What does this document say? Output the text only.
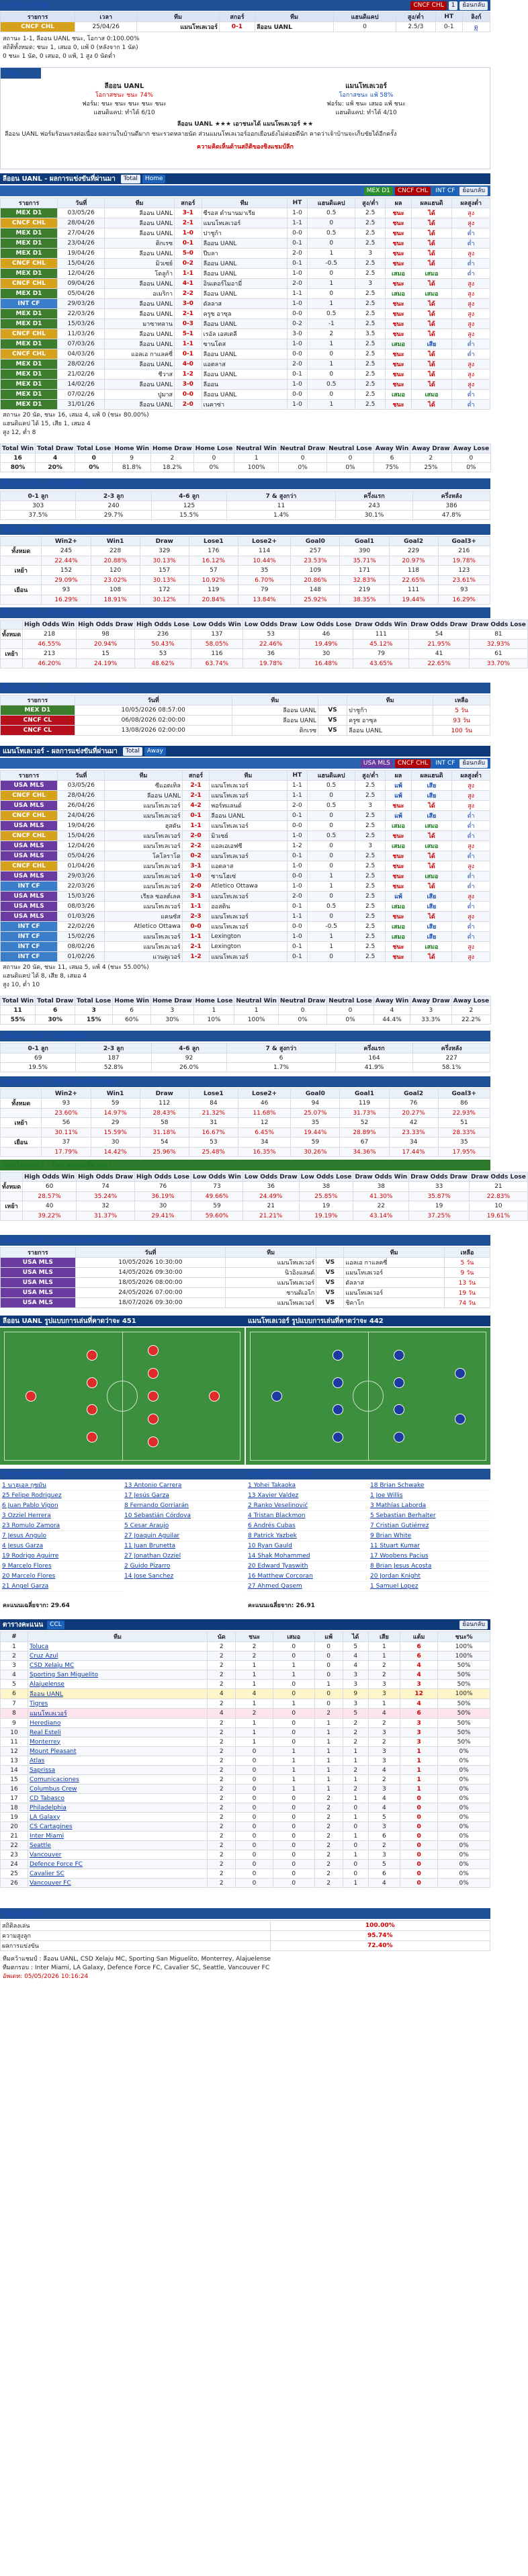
แบบจำลองสถิติ	CNCF CHL	1	ย้อนกลับ
รายการ	เวลา	ทีม	สกอร์	ทีม	แฮนดิแคป	สูง/ต่ำ	HT	ลิงก์
CNCF CHL	25/04/26	แมนโทเลเวอร์	0-1	ลีออน UANL	0	2.5/3	0-1	ดู
สถานะ 1-1, ลีออน UANL ชนะ, โอกาส 0:100.00%
สถิติทั้งหมด: ชนะ 1, เสมอ 0, แพ้ 0 (หลังจาก 1 นัด)
0 ชนะ 1 นัด, 0 เสมอ, 0 แพ้, 1 สูง 0 นัดต่ำ
Tips
ลีออน UANL
โอกาสชนะ ชนะ 74%
ฟอร์ม: ชนะ ชนะ ชนะ ชนะ ชนะ
แฮนดิแคป: ทำได้ 6/10
แมนโทเลเวอร์
โอกาสชนะ แพ้ 58%
ฟอร์ม: แพ้ ชนะ เสมอ แพ้ ชนะ
แฮนดิแคป: ทำได้ 4/10
ลีออน UANL ★★★ เอาชนะได้ แมนโทเลเวอร์ ★★
ลีออน UANL ฟอร์มร้อนแรงต่อเนื่อง ผลงานในบ้านดีมาก ชนะรวดหลายนัด ส่วนแมนโทเลเวอร์ออกเยือนยังไม่ค่อยดีนัก คาดว่าเจ้าบ้านจะเก็บชัยได้อีกครั้ง
ความคิดเห็นด้านสถิติของชิงแชมป์ลีก
ลีออน UANL - ผลการแข่งขันที่ผ่านมา	Total	Home
MEX D1	CNCF CHL	INT CF	ย้อนกลับ
รายการ	วันที่	ทีม	สกอร์	ทีม	HT	แฮนดิแคป	สูง/ต่ำ	ผล	ผลแฮนดิ	ผลสูงต่ำ
MEX D1	03/05/26	ลีออน UANL	3-1	ซีรอส ตำนานมาเรีย	1-0	0.5	2.5	ชนะ	ได้	สูง
CNCF CHL	28/04/26	ลีออน UANL	2-1	แมนโทเลเวอร์	1-1	0	2.5	ชนะ	ได้	สูง
MEX D1	27/04/26	ลีออน UANL	1-0	ปาชูก้า	0-0	0.5	2.5	ชนะ	ได้	ต่ำ
MEX D1	23/04/26	ติกเรซ	0-1	ลีออน UANL	0-1	0	2.5	ชนะ	ได้	ต่ำ
MEX D1	19/04/26	ลีออน UANL	5-0	ปีบลา	2-0	1	3	ชนะ	ได้	สูง
CNCF CHL	15/04/26	มิวเซย์	0-2	ลีออน UANL	0-1	-0.5	2.5	ชนะ	ได้	ต่ำ
MEX D1	12/04/26	โตลูก้า	1-1	ลีออน UANL	1-0	0	2.5	เสมอ	เสมอ	ต่ำ
CNCF CHL	09/04/26	ลีออน UANL	4-1	อินเตอร์ไมอามี่	2-0	1	3	ชนะ	ได้	สูง
MEX D1	05/04/26	อเมริกา	2-2	ลีออน UANL	1-1	0	2.5	เสมอ	เสมอ	สูง
INT CF	29/03/26	ลีออน UANL	3-0	ดัลลาส	1-0	1	2.5	ชนะ	ได้	สูง
MEX D1	22/03/26	ลีออน UANL	2-1	ครูซ อาซุล	0-0	0.5	2.5	ชนะ	ได้	สูง
MEX D1	15/03/26	มาซาทลาน	0-3	ลีออน UANL	0-2	-1	2.5	ชนะ	ได้	สูง
CNCF CHL	11/03/26	ลีออน UANL	5-1	เรอัล เอสเตลี	3-0	2	3.5	ชนะ	ได้	สูง
MEX D1	07/03/26	ลีออน UANL	1-1	ซานโตส	1-0	1	2.5	เสมอ	เสีย	ต่ำ
CNCF CHL	04/03/26	แอลเอ กาแลคซี่	0-1	ลีออน UANL	0-0	0	2.5	ชนะ	ได้	ต่ำ
MEX D1	28/02/26	ลีออน UANL	4-0	แอตลาส	2-0	1	2.5	ชนะ	ได้	สูง
MEX D1	21/02/26	ชีวาส	1-2	ลีออน UANL	0-1	0	2.5	ชนะ	ได้	สูง
MEX D1	14/02/26	ลีออน UANL	3-0	ลีออน	1-0	0.5	2.5	ชนะ	ได้	สูง
MEX D1	07/02/26	ปูมาส	0-0	ลีออน UANL	0-0	0	2.5	เสมอ	เสมอ	ต่ำ
MEX D1	31/01/26	ลีออน UANL	2-0	เนคาซ่า	1-0	1	2.5	ชนะ	ได้	ต่ำ
สถานะ 20 นัด, ชนะ 16, เสมอ 4, แพ้ 0 (ชนะ 80.00%)
แฮนดิแคป ได้ 15, เสีย 1, เสมอ 4
สูง 12, ต่ำ 8
Total Win	Total Draw	Total Lose	Home Win	Home Draw	Home Lose	Neutral Win	Neutral Draw	Neutral Lose	Away Win	Away Draw	Away Lose
16	4	0	9	2	0	1	0	0	6	2	0
80%	20%	0%	81.8%	18.2%	0%	100%	0%	0%	75%	25%	0%
ลีออน UANL - ประตูได้เสีย
0-1 ลูก	2-3 ลูก	4-6 ลูก	7 & สูงกว่า	ครึ่งแรก	ครึ่งหลัง
303	240	125	11	243	386
37.5%	29.7%	15.5%	1.4%	30.1%	47.8%
ลีออน UANL - สถิติได้ประตู(ทั้งหมด)
	Win2+	Win1	Draw	Lose1	Lose2+	Goal0	Goal1	Goal2	Goal3+
ทั้งหมด	245	228	329	176	114	257	390	229	216
	22.44%	20.88%	30.13%	16.12%	10.44%	23.53%	35.71%	20.97%	19.78%
เหย้า	152	120	157	57	35	109	171	118	123
	29.09%	23.02%	30.13%	10.92%	6.70%	20.86%	32.83%	22.65%	23.61%
เยือน	93	108	172	119	79	148	219	111	93
	16.29%	18.91%	30.12%	20.84%	13.84%	25.92%	38.35%	19.44%	16.29%
ลีออน UANL - อัตราต่อรองที่ผ่านมา
	High Odds Win	High Odds Draw	High Odds Lose	Low Odds Win	Low Odds Draw	Low Odds Lose	Draw Odds Win	Draw Odds Draw	Draw Odds Lose
ทั้งหมด	218	98	236	137	53	46	111	54	81
	46.55%	20.94%	50.43%	58.05%	22.46%	19.49%	45.12%	21.95%	32.93%
เหย้า	213	15	53	116	36	30	79	41	61
	46.20%	24.19%	48.62%	63.74%	19.78%	16.48%	43.65%	22.65%	33.70%
ลีออน UANL - ตารางการแข่งขันในอนาคต
รายการ	วันที่	ทีม		ทีม	เหลือ
MEX D1	10/05/2026 08:57:00	ลีออน UANL	VS	ปาชูก้า	5 วัน
CNCF CL	06/08/2026 02:00:00	ลีออน UANL	VS	ครูซ อาซุล	93 วัน
CNCF CL	13/08/2026 02:00:00	ติกเรซ	VS	ลีออน UANL	100 วัน
แมนโทเลเวอร์ - ผลการแข่งขันที่ผ่านมา	Total	Away
USA MLS	CNCF CHL	INT CF	ย้อนกลับ
รายการ	วันที่	ทีม	สกอร์	ทีม	HT	แฮนดิแคป	สูง/ต่ำ	ผล	ผลแฮนดิ	ผลสูงต่ำ
USA MLS	03/05/26	ซีแอตเทิล	2-1	แมนโทเลเวอร์	1-1	0.5	2.5	แพ้	เสีย	สูง
CNCF CHL	28/04/26	ลีออน UANL	2-1	แมนโทเลเวอร์	1-1	0	2.5	แพ้	เสีย	สูง
USA MLS	26/04/26	แมนโทเลเวอร์	4-2	พอร์ทแลนด์	2-0	0.5	3	ชนะ	ได้	สูง
CNCF CHL	24/04/26	แมนโทเลเวอร์	0-1	ลีออน UANL	0-1	0	2.5	แพ้	เสีย	ต่ำ
USA MLS	19/04/26	ฮุสตัน	1-1	แมนโทเลเวอร์	0-0	0	2.5	เสมอ	เสมอ	ต่ำ
CNCF CHL	15/04/26	แมนโทเลเวอร์	2-0	มิวเซย์	1-0	0.5	2.5	ชนะ	ได้	ต่ำ
USA MLS	12/04/26	แมนโทเลเวอร์	2-2	แอลเอเอฟซี	1-2	0	3	เสมอ	เสมอ	สูง
USA MLS	05/04/26	โคโลราโด	0-2	แมนโทเลเวอร์	0-1	0	2.5	ชนะ	ได้	ต่ำ
CNCF CHL	01/04/26	แมนโทเลเวอร์	3-1	แอตลาส	1-0	0	2.5	ชนะ	ได้	สูง
USA MLS	29/03/26	แมนโทเลเวอร์	1-0	ซานโฮเซ่	0-0	1	2.5	ชนะ	เสมอ	ต่ำ
INT CF	22/03/26	แมนโทเลเวอร์	2-0	Atletico Ottawa	1-0	1	2.5	ชนะ	ได้	ต่ำ
USA MLS	15/03/26	เรียล ซอลต์เลค	3-1	แมนโทเลเวอร์	2-0	0	2.5	แพ้	เสีย	สูง
USA MLS	08/03/26	แมนโทเลเวอร์	1-1	ออสติน	0-1	0.5	2.5	เสมอ	เสีย	ต่ำ
USA MLS	01/03/26	แคนซัส	2-3	แมนโทเลเวอร์	1-1	0	2.5	ชนะ	ได้	สูง
INT CF	22/02/26	Atletico Ottawa	0-0	แมนโทเลเวอร์	0-0	-0.5	2.5	เสมอ	เสีย	ต่ำ
INT CF	15/02/26	แมนโทเลเวอร์	1-1	Lexington	1-0	1	2.5	เสมอ	เสีย	ต่ำ
INT CF	08/02/26	แมนโทเลเวอร์	2-1	Lexington	0-1	1	2.5	ชนะ	เสมอ	สูง
INT CF	01/02/26	แวนคูเวอร์	1-2	แมนโทเลเวอร์	0-1	0	2.5	ชนะ	ได้	สูง
สถานะ 20 นัด, ชนะ 11, เสมอ 5, แพ้ 4 (ชนะ 55.00%)
แฮนดิแคป ได้ 8, เสีย 8, เสมอ 4
สูง 10, ต่ำ 10
Total Win	Total Draw	Total Lose	Home Win	Home Draw	Home Lose	Neutral Win	Neutral Draw	Neutral Lose	Away Win	Away Draw	Away Lose
11	6	3	6	3	1	1	0	0	4	3	2
55%	30%	15%	60%	30%	10%	100%	0%	0%	44.4%	33.3%	22.2%
แมนโทเลเวอร์ - ประตูได้เสีย
0-1 ลูก	2-3 ลูก	4-6 ลูก	7 & สูงกว่า	ครึ่งแรก	ครึ่งหลัง
69	187	92	6	164	227
19.5%	52.8%	26.0%	1.7%	41.9%	58.1%
แมนโทเลเวอร์ - สถิติได้ประตู(ทั้งหมด)
	Win2+	Win1	Draw	Lose1	Lose2+	Goal0	Goal1	Goal2	Goal3+
ทั้งหมด	93	59	112	84	46	94	119	76	86
	23.60%	14.97%	28.43%	21.32%	11.68%	25.07%	31.73%	20.27%	22.93%
เหย้า	56	29	58	31	12	35	52	42	51
	30.11%	15.59%	31.18%	16.67%	6.45%	19.44%	28.89%	23.33%	28.33%
เยือน	37	30	54	53	34	59	67	34	35
	17.79%	14.42%	25.96%	25.48%	16.35%	30.26%	34.36%	17.44%	17.95%
แมนโทเลเวอร์ - อัตราต่อรองที่ผ่านมา
	High Odds Win	High Odds Draw	High Odds Lose	Low Odds Win	Low Odds Draw	Low Odds Lose	Draw Odds Win	Draw Odds Draw	Draw Odds Lose
ทั้งหมด	60	74	76	73	36	38	38	33	21
	28.57%	35.24%	36.19%	49.66%	24.49%	25.85%	41.30%	35.87%	22.83%
เหย้า	40	32	30	59	21	19	22	19	10
	39.22%	31.37%	29.41%	59.60%	21.21%	19.19%	43.14%	37.25%	19.61%
แมนโทเลเวอร์ - ตารางการแข่งขันในอนาคต
รายการ	วันที่	ทีม		ทีม	เหลือ
USA MLS	10/05/2026 10:30:00	แมนโทเลเวอร์	VS	แอลเอ กาแลคซี่	5 วัน
USA MLS	14/05/2026 09:30:00	นิวอิงแลนด์	VS	แมนโทเลเวอร์	9 วัน
USA MLS	18/05/2026 08:00:00	แมนโทเลเวอร์	VS	ดัลลาส	13 วัน
USA MLS	24/05/2026 07:00:00	ซานดิเอโก	VS	แมนโทเลเวอร์	19 วัน
USA MLS	18/07/2026 09:30:00	แมนโทเลเวอร์	VS	ชิคาโก	74 วัน
ลีออน UANL รูปแบบการเล่นที่คาดว่าจะ 451	แมนโทเลเวอร์ รูปแบบการเล่นที่คาดว่าจะ 442
ลีออน UANL ตัวจริง	แมนโทเลเวอร์ ตัวจริง
1 นาฮูเอล กุซมัน	13 Antonio Carrera
25 Felipe Rodriguez	17 Jesús Garza
6 Juan Pablo Vigon	8 Fernando Gorriarán
3 Ozziel Herrera	10 Sebastián Córdova
23 Romulo Zamora	5 Cesar Araujo
7 Jesus Angulo	27 Joaquin Aguilar
4 Jesus Garza	11 Juan Brunetta
19 Rodrigo Aguirre	27 Jonathan Ozziel
9 Marcelo Flores	2 Guido Pizarro
20 Marcelo Flores	14 Jose Sanchez
21 Angel Garza
1 Yohei Takaoka	18 Brian Schwake
13 Xavier Valdez	1 Joe Willis
2 Ranko Veselinović	3 Mathías Laborda
4 Tristan Blackmon	5 Sebastian Berhalter
6 Andrés Cubas	7 Cristian Gutiérrez
8 Patrick Yazbek	9 Brian White
10 Ryan Gauld	11 Stuart Kumar
14 Shak Mohammed	17 Woobens Pacius
20 Edward Tyaswith	8 Brian Jesus Acosta
16 Matthew Corcoran	20 Jordan Knight
27 Ahmed Qasem	1 Samuel Lopez
คะแนนเฉลี่ยจาก: 29.64	คะแนนเฉลี่ยจาก: 26.91
ตารางคะแนน	CCL	ย้อนกลับ
#	ทีม	นัด	ชนะ	เสมอ	แพ้	ได้	เสีย	แต้ม	ชนะ%
1	Toluca	2	2	0	0	5	1	6	100%
2	Cruz Azul	2	2	0	0	4	1	6	100%
3	CSD Xelaju MC	2	1	1	0	4	2	4	50%
4	Sporting San Miguelito	2	1	1	0	3	2	4	50%
5	Alajuelense	2	1	0	1	3	3	3	50%
6	ลีออน UANL	4	4	0	0	9	3	12	100%
7	Tigres	2	1	1	0	3	1	4	50%
8	แมนโทเลเวอร์	4	2	0	2	5	4	6	50%
9	Herediano	2	1	0	1	2	2	3	50%
10	Real Esteli	2	1	0	1	2	3	3	50%
11	Monterrey	2	1	0	1	2	2	3	50%
12	Mount Pleasant	2	0	1	1	1	3	1	0%
13	Atlas	2	0	1	1	1	3	1	0%
14	Saprissa	2	0	1	1	2	4	1	0%
15	Comunicaciones	2	0	1	1	1	2	1	0%
16	Columbus Crew	2	0	1	1	2	3	1	0%
17	CD Tabasco	2	0	0	2	1	4	0	0%
18	Philadelphia	2	0	0	2	0	4	0	0%
19	LA Galaxy	2	0	0	2	1	5	0	0%
20	CS Cartagines	2	0	0	2	0	3	0	0%
21	Inter Miami	2	0	0	2	1	6	0	0%
22	Seattle	2	0	0	2	0	2	0	0%
23	Vancouver	2	0	0	2	1	3	0	0%
24	Defence Force FC	2	0	0	2	0	5	0	0%
25	Cavalier SC	2	0	0	2	0	6	0	0%
26	Vancouver FC	2	0	0	2	1	4	0	0%
ข้อมูลโดยรวม
สถิติลงเล่น	100.00%
ความสูงลูก	95.74%
ผลการแข่งขัน	72.40%
ทีมคว้าแชมป์ : ลีออน UANL, CSD Xelaju MC, Sporting San Miguelito, Monterrey, Alajuelense
ทีมตกรอบ : Inter Miami, LA Galaxy, Defence Force FC, Cavalier SC, Seattle, Vancouver FC
อัพเดท: 05/05/2026 10:16:24
